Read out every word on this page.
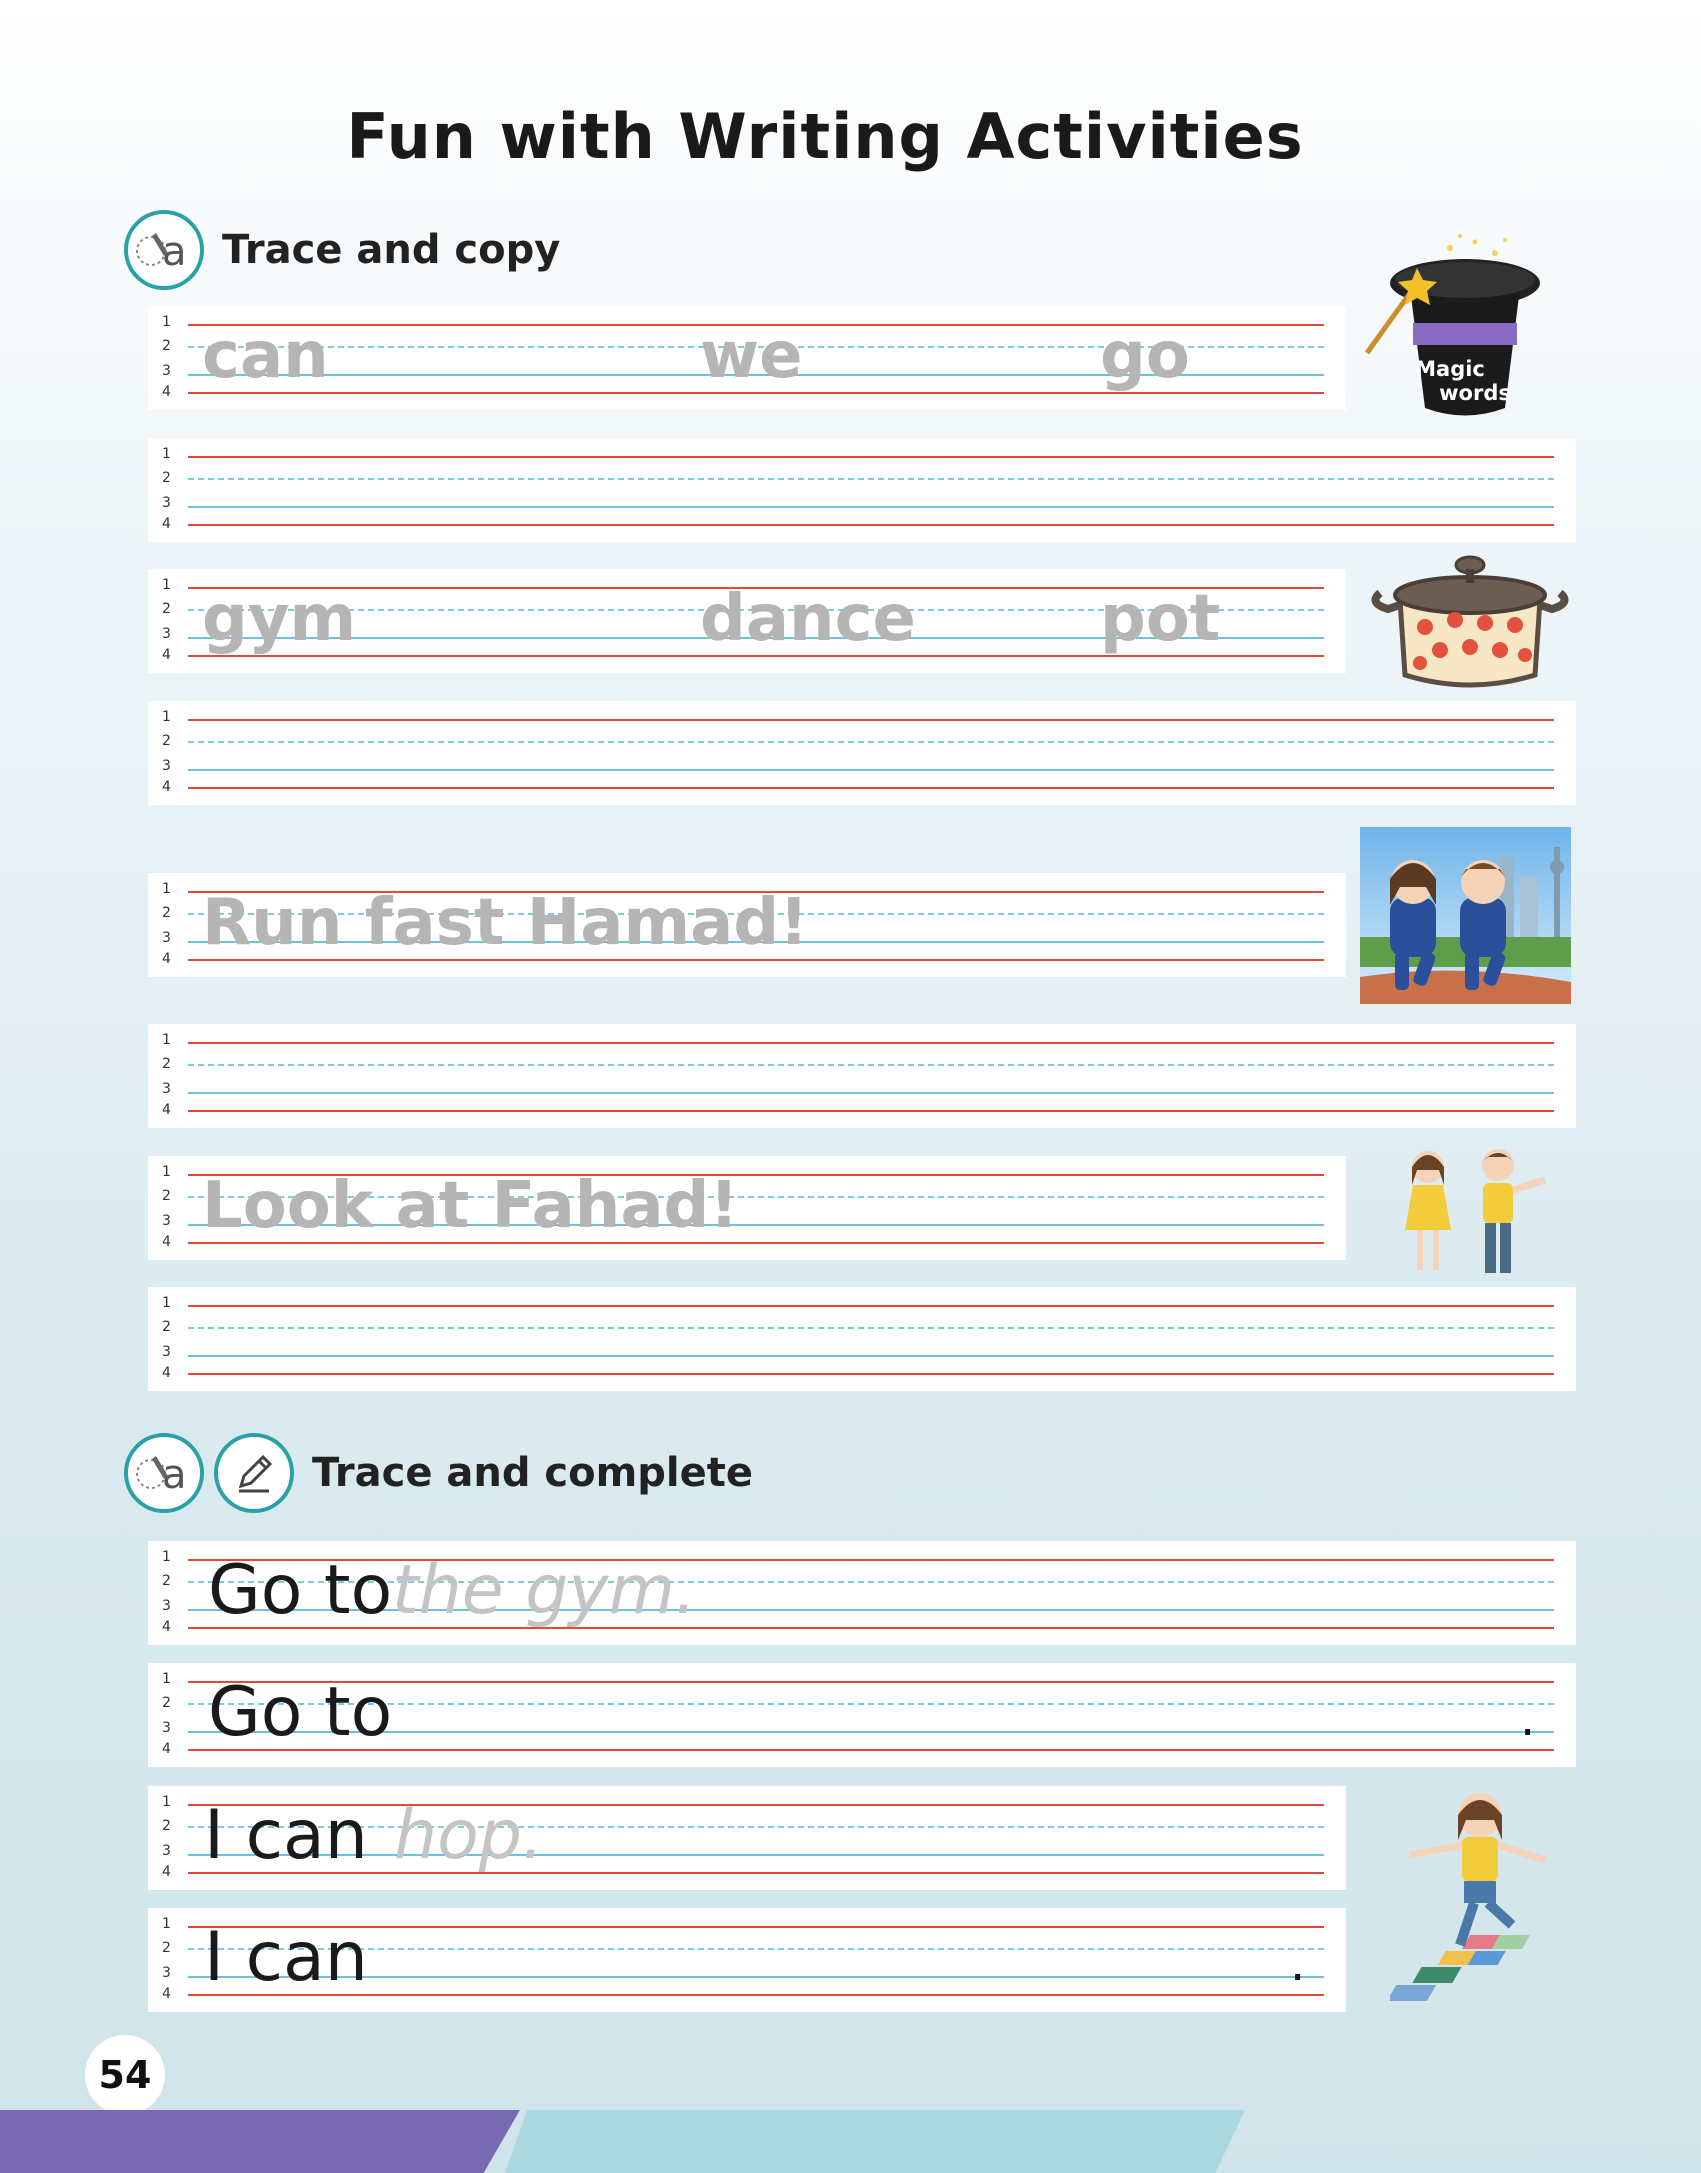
Fun with Writing Activities
a Trace and copy
1
2
3
4 can	we	go	Magic
words
1
2
3
4
1
2
3
4 gym	dance	pot
1
2
3
4
1
2
3
4 Run fast Hamad!
1
2
3
4
1
2
3
4 Look at Fahad!
1
2
3
4
a	Trace and complete
1
2
3
4 Go to the gym.
1
2
3
4 Go to	.
1
2
3
4 I can hop.
1
2
3
4 I can	.
54
